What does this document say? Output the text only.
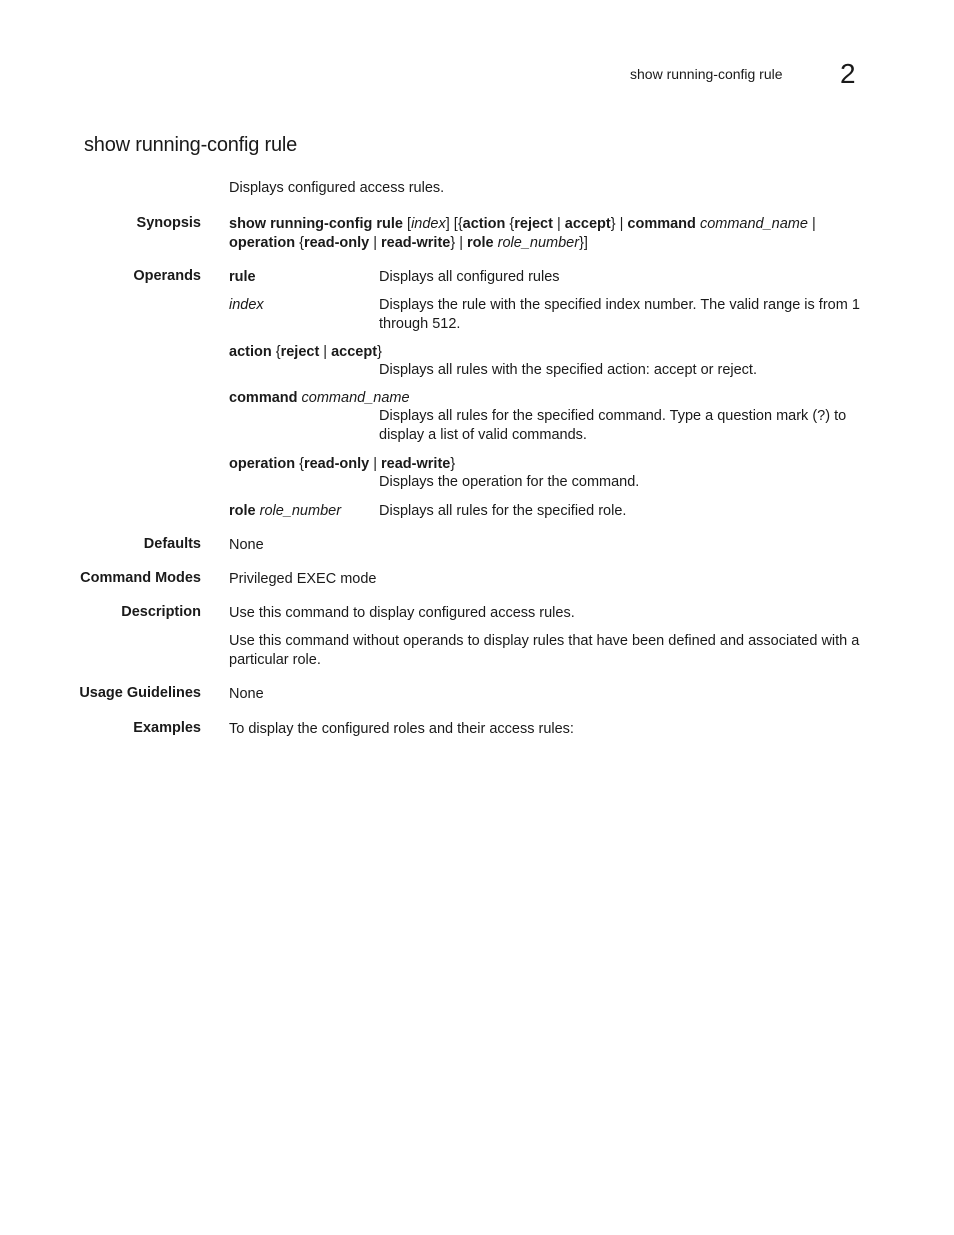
show running-config rule 2
show running-config rule
Displays configured access rules.
Synopsis show running-config rule [index] [{action {reject | accept} | command command_name |
operation {read-only | read-write} | role role_number}]
Operands rule	Displays all configured rules
index	Displays the rule with the specified index number. The valid range is from 1 through 512.
action {reject | accept}
Displays all rules with the specified action: accept or reject.
command command_name
Displays all rules for the specified command. Type a question mark (?) to display a list of valid commands.
operation {read-only | read-write}
Displays the operation for the command.
role role_number	Displays all rules for the specified role.
Defaults None
Command Modes Privileged EXEC mode
Description Use this command to display configured access rules.
Use this command without operands to display rules that have been defined and associated with a particular role.
Usage Guidelines None
Examples To display the configured roles and their access rules:
